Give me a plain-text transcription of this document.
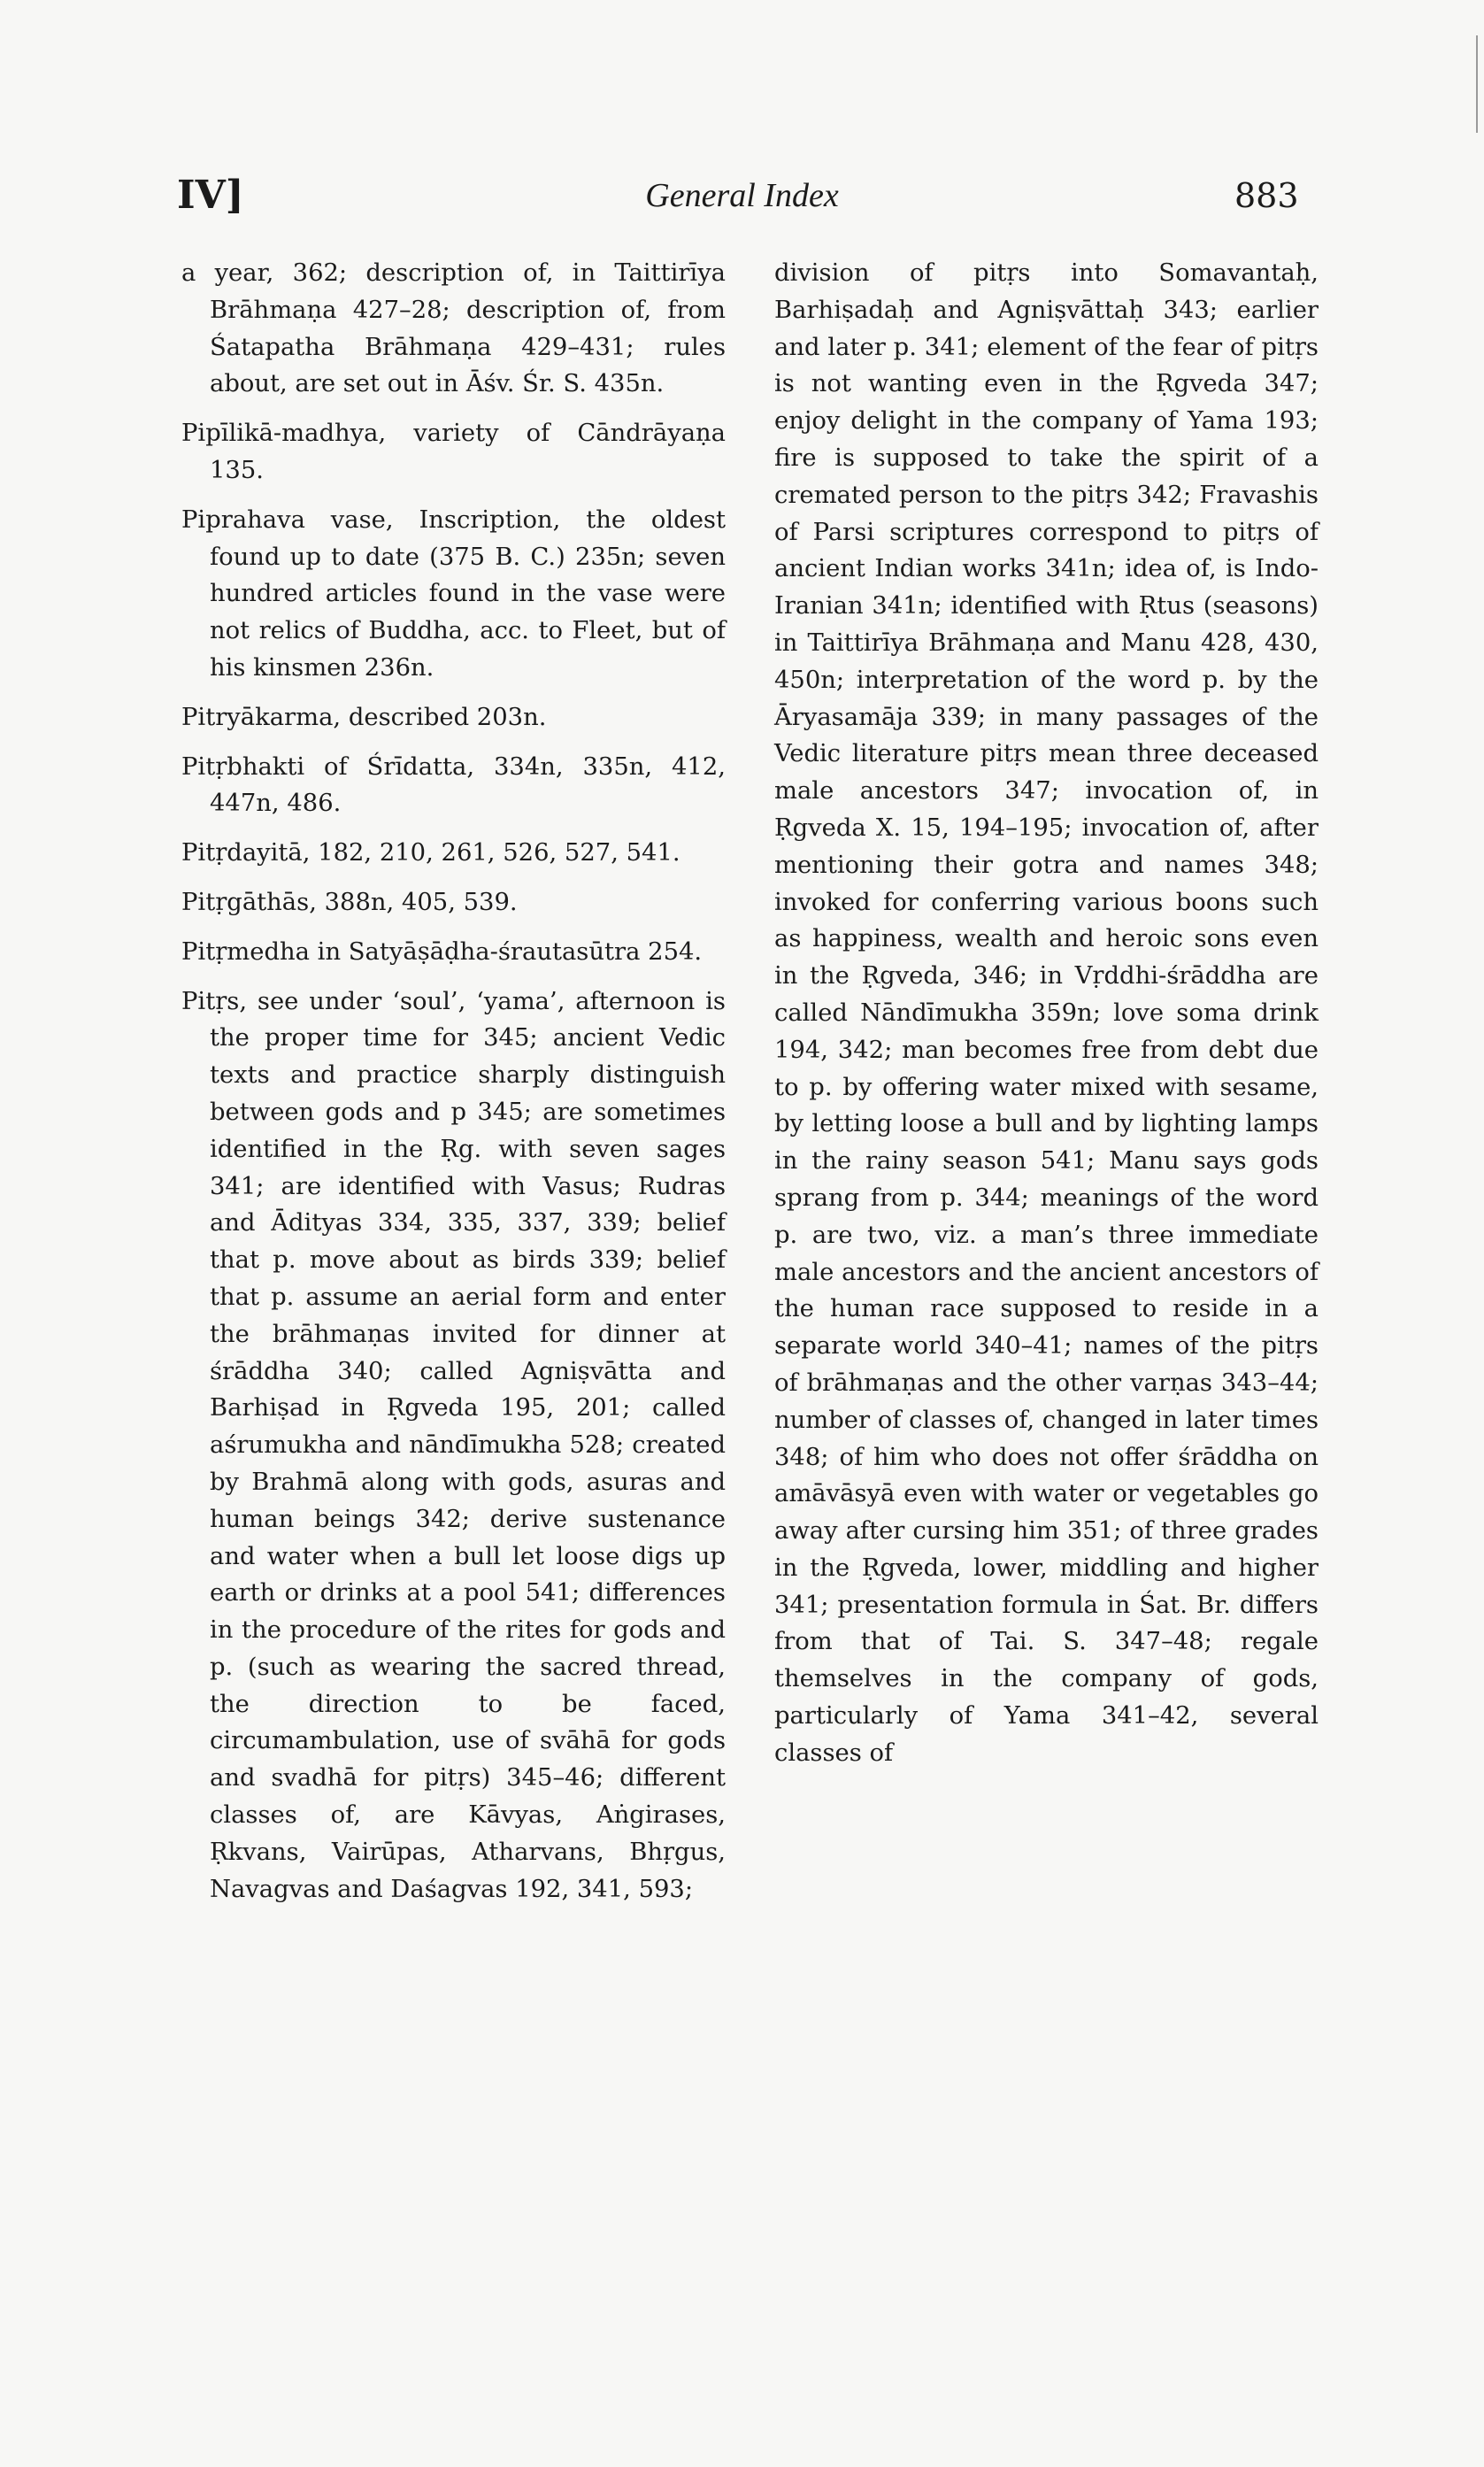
IV]	General Index	883

a year, 362; description of, in Taittirīya Brāhmaṇa 427–28; description of, from Śatapatha Brāhmaṇa 429–431; rules about, are set out in Āśv. Śr. S. 435n.

Pipīlikā-madhya, variety of Cāndrāyaṇa 135.

Piprahava vase, Inscription, the oldest found up to date (375 B. C.) 235n; seven hundred articles found in the vase were not relics of Buddha, acc. to Fleet, but of his kinsmen 236n.

Pitryākarma, described 203n.

Pitṛbhakti of Śrīdatta, 334n, 335n, 412, 447n, 486.

Pitṛdayitā, 182, 210, 261, 526, 527, 541.

Pitṛgāthās, 388n, 405, 539.

Pitṛmedha in Satyāṣāḍha-śrautasūtra 254.

Pitṛs, see under ‘soul’, ‘yama’, afternoon is the proper time for 345; ancient Vedic texts and practice sharply distinguish between gods and p 345; are sometimes identified in the Ṛg. with seven sages 341; are identified with Vasus; Rudras and Ādityas 334, 335, 337, 339; belief that p. move about as birds 339; belief that p. assume an aerial form and enter the brāhmaṇas invited for dinner at śrāddha 340; called Agniṣvātta and Barhiṣad in Ṛgveda 195, 201; called aśrumukha and nāndīmukha 528; created by Brahmā along with gods, asuras and human beings 342; derive sustenance and water when a bull let loose digs up earth or drinks at a pool 541; differences in the procedure of the rites for gods and p. (such as wearing the sacred thread, the direction to be faced, circumambulation, use of svāhā for gods and svadhā for pitṛs) 345–46; different classes of, are Kāvyas, Aṅgirases, Ṛkvans, Vairūpas, Atharvans, Bhṛgus, Navagvas and Daśagvas 192, 341, 593;

division of pitṛs into Somavantaḥ, Barhiṣadaḥ and Agniṣvāttaḥ 343; earlier and later p. 341; element of the fear of pitṛs is not wanting even in the Ṛgveda 347; enjoy delight in the company of Yama 193; fire is supposed to take the spirit of a cremated person to the pitṛs 342; Fravashis of Parsi scriptures correspond to pitṛs of ancient Indian works 341n; idea of, is Indo-Iranian 341n; identified with Ṛtus (seasons) in Taittirīya Brāhmaṇa and Manu 428, 430, 450n; interpretation of the word p. by the Āryasamāja 339; in many passages of the Vedic literature pitṛs mean three deceased male ancestors 347; invocation of, in Ṛgveda X. 15, 194–195; invocation of, after mentioning their gotra and names 348; invoked for conferring various boons such as happiness, wealth and heroic sons even in the Ṛgveda, 346; in Vṛddhi-śrāddha are called Nāndīmukha 359n; love soma drink 194, 342; man becomes free from debt due to p. by offering water mixed with sesame, by letting loose a bull and by lighting lamps in the rainy season 541; Manu says gods sprang from p. 344; meanings of the word p. are two, viz. a man’s three immediate male ancestors and the ancient ancestors of the human race supposed to reside in a separate world 340–41; names of the pitṛs of brāhmaṇas and the other varṇas 343–44; number of classes of, changed in later times 348; of him who does not offer śrāddha on amāvāsyā even with water or vegetables go away after cursing him 351; of three grades in the Ṛgveda, lower, middling and higher 341; presentation formula in Śat. Br. differs from that of Tai. S. 347–48; regale themselves in the company of gods, particularly of Yama 341–42, several classes of
